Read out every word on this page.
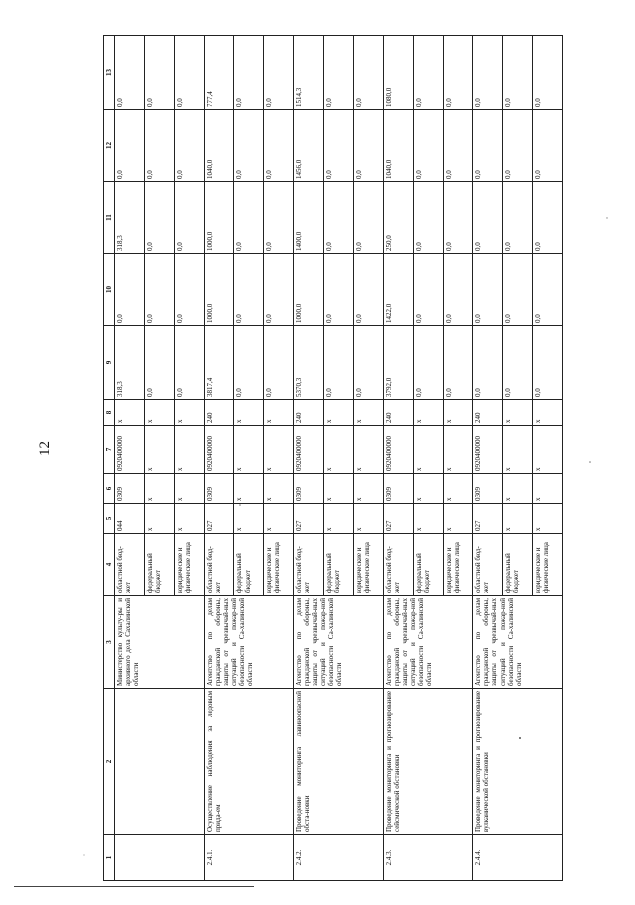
12
1	2	3	4	5	6	7	8	9	10	11	12	13
		Министерство культу-ры и архивного дела Сахалинской области	областной бюд-жет	044	0309	0920400000	x	318,3	0,0	318,3	0,0	0,0
			федеральный бюджет	x	x	x	x	0,0	0,0	0,0	0,0	0,0
			юридические и физические лица	x	x	x	x	0,0	0,0	0,0	0,0	0,0
2.4.1.	Осуществление наблюдения за ледовым прида-ем	Агентство по делам гражданской обороны, защиты от чрезвычай-ных ситуаций и пожар-ной безопасности Са-халинской области	областной бюд-жет	027	0309	0920400000	240	3817,4	1000,0	1000,0	1040,0	777,4
			федеральный бюджет	x	x	x	x	0,0	0,0	0,0	0,0	0,0
			юридические и физические лица	x	x	x	x	0,0	0,0	0,0	0,0	0,0
2.4.2.	Проведение мониторинга лавиноопасной обста-новки	Агентство по делам гражданской обороны, защиты от чрезвычай-ных ситуаций и пожар-ной безопасности Са-халинской области	областной бюд-жет	027	0309	0920400000	240	5370,3	1000,0	1400,0	1456,0	1514,3
			федеральный бюджет	x	x	x	x	0,0	0,0	0,0	0,0	0,0
			юридические и физические лица	x	x	x	x	0,0	0,0	0,0	0,0	0,0
2.4.3.	Проведение мониторинга и прогнозирование сейсмической обстановки	Агентство по делам гражданской обороны, защиты от чрезвычай-ных ситуаций и пожар-ной безопасности Са-халинской области	областной бюд-жет	027	0309	0920400000	240	3792,0	1422,0	250,0	1040,0	1080,0
			федеральный бюджет	x	x	x	x	0,0	0,0	0,0	0,0	0,0
			юридические и физические лица	x	x	x	x	0,0	0,0	0,0	0,0	0,0
2.4.4.	Проведение мониторинга и прогнозирование вулканической обстановки	Агентство по делам гражданской обороны, защиты от чрезвычай-ных ситуаций и пожар-ной безопасности Са-халинской области	областной бюд-жет	027	0309	0920400000	240	0,0	0,0	0,0	0,0	0,0
			федеральный бюджет	x	x	x	x	0,0	0,0	0,0	0,0	0,0
			юридические и физические лица	x	x	x	x	0,0	0,0	0,0	0,0	0,0
